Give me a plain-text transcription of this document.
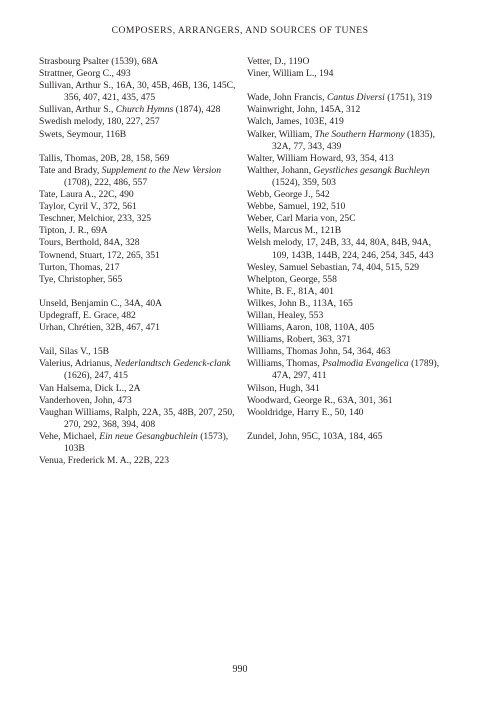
COMPOSERS, ARRANGERS, AND SOURCES OF TUNES
Strasbourg Psalter (1539), 68A
Strattner, Georg C., 493
Sullivan, Arthur S., 16A, 30, 45B, 46B, 136, 145C, 356, 407, 421, 435, 475
Sullivan, Arthur S., Church Hymns (1874), 428
Swedish melody, 180, 227, 257
Swets, Seymour, 116B
Tallis, Thomas, 20B, 28, 158, 569
Tate and Brady, Supplement to the New Version (1708), 222, 486, 557
Tate, Laura A., 22C, 490
Taylor, Cyril V., 372, 561
Teschner, Melchior, 233, 325
Tipton, J. R., 69A
Tours, Berthold, 84A, 328
Townend, Stuart, 172, 265, 351
Turton, Thomas, 217
Tye, Christopher, 565
Unseld, Benjamin C., 34A, 40A
Updegraff, E. Grace, 482
Urhan, Chrétien, 32B, 467, 471
Vail, Silas V., 15B
Valerius, Adrianus, Nederlandtsch Gedenck-clank (1626), 247, 415
Van Halsema, Dick L., 2A
Vanderhoven, John, 473
Vaughan Williams, Ralph, 22A, 35, 48B, 207, 250, 270, 292, 368, 394, 408
Vehe, Michael, Ein neue Gesangbuchlein (1573), 103B
Venua, Frederick M. A., 22B, 223
Vetter, D., 119O
Viner, William L., 194
Wade, John Francis, Cantus Diversi (1751), 319
Wainwright, John, 145A, 312
Walch, James, 103E, 419
Walker, William, The Southern Harmony (1835), 32A, 77, 343, 439
Walter, William Howard, 93, 354, 413
Walther, Johann, Geystliches gesangk Buchleyn (1524), 359, 503
Webb, George J., 542
Webbe, Samuel, 192, 510
Weber, Carl Maria von, 25C
Wells, Marcus M., 121B
Welsh melody, 17, 24B, 33, 44, 80A, 84B, 94A, 109, 143B, 144B, 224, 246, 254, 345, 443
Wesley, Samuel Sebastian, 74, 404, 515, 529
Whelpton, George, 558
White, B. F., 81A, 401
Wilkes, John B., 113A, 165
Willan, Healey, 553
Williams, Aaron, 108, 110A, 405
Williams, Robert, 363, 371
Williams, Thomas John, 54, 364, 463
Williams, Thomas, Psalmodia Evangelica (1789), 47A, 297, 411
Wilson, Hugh, 341
Woodward, George R., 63A, 301, 361
Wooldridge, Harry E., 50, 140
Zundel, John, 95C, 103A, 184, 465
990
